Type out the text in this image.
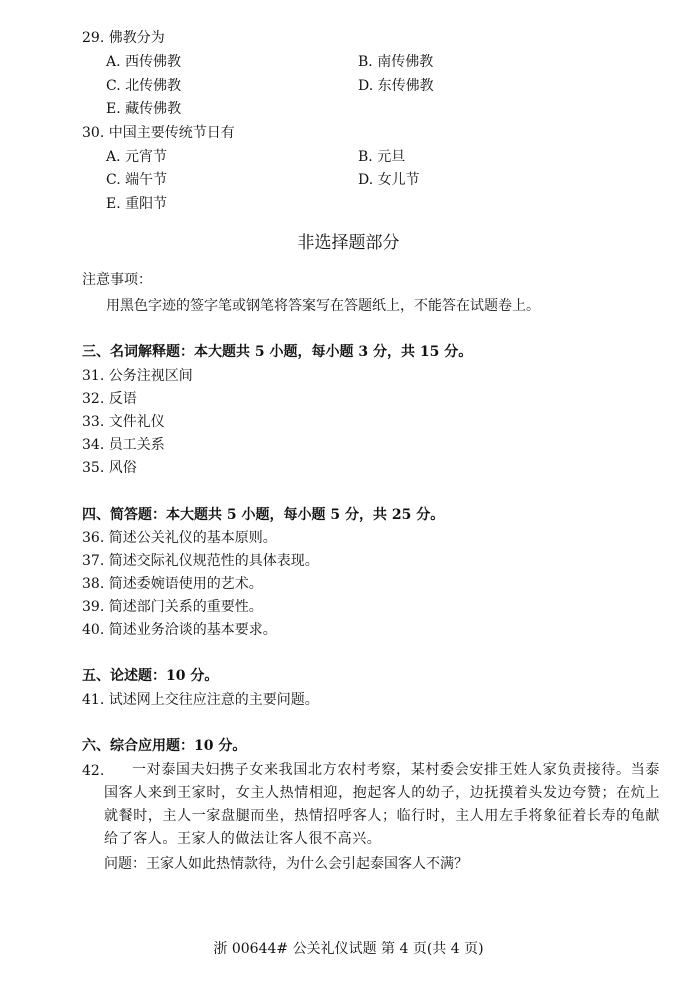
29. 佛教分为
A. 西传佛教	B. 南传佛教
C. 北传佛教	D. 东传佛教
E. 藏传佛教
30. 中国主要传统节日有
A. 元宵节	B. 元旦
C. 端午节	D. 女儿节
E. 重阳节
非选择题部分
注意事项：
用黑色字迹的签字笔或钢笔将答案写在答题纸上，不能答在试题卷上。
三、名词解释题：本大题共 5 小题，每小题 3 分，共 15 分。
31. 公务注视区间
32. 反语
33. 文件礼仪
34. 员工关系
35. 风俗
四、简答题：本大题共 5 小题，每小题 5 分，共 25 分。
36. 简述公关礼仪的基本原则。
37. 简述交际礼仪规范性的具体表现。
38. 简述委婉语使用的艺术。
39. 简述部门关系的重要性。
40. 简述业务洽谈的基本要求。
五、论述题：10 分。
41. 试述网上交往应注意的主要问题。
六、综合应用题：10 分。
42.	一对泰国夫妇携子女来我国北方农村考察，某村委会安排王姓人家负责接待。当泰国客人来到王家时，女主人热情相迎，抱起客人的幼子，边抚摸着头发边夸赞；在炕上就餐时，主人一家盘腿而坐，热情招呼客人；临行时，主人用左手将象征着长寿的龟献给了客人。王家人的做法让客人很不高兴。
问题：王家人如此热情款待，为什么会引起泰国客人不满？
浙 00644# 公关礼仪试题 第 4 页(共 4 页)
